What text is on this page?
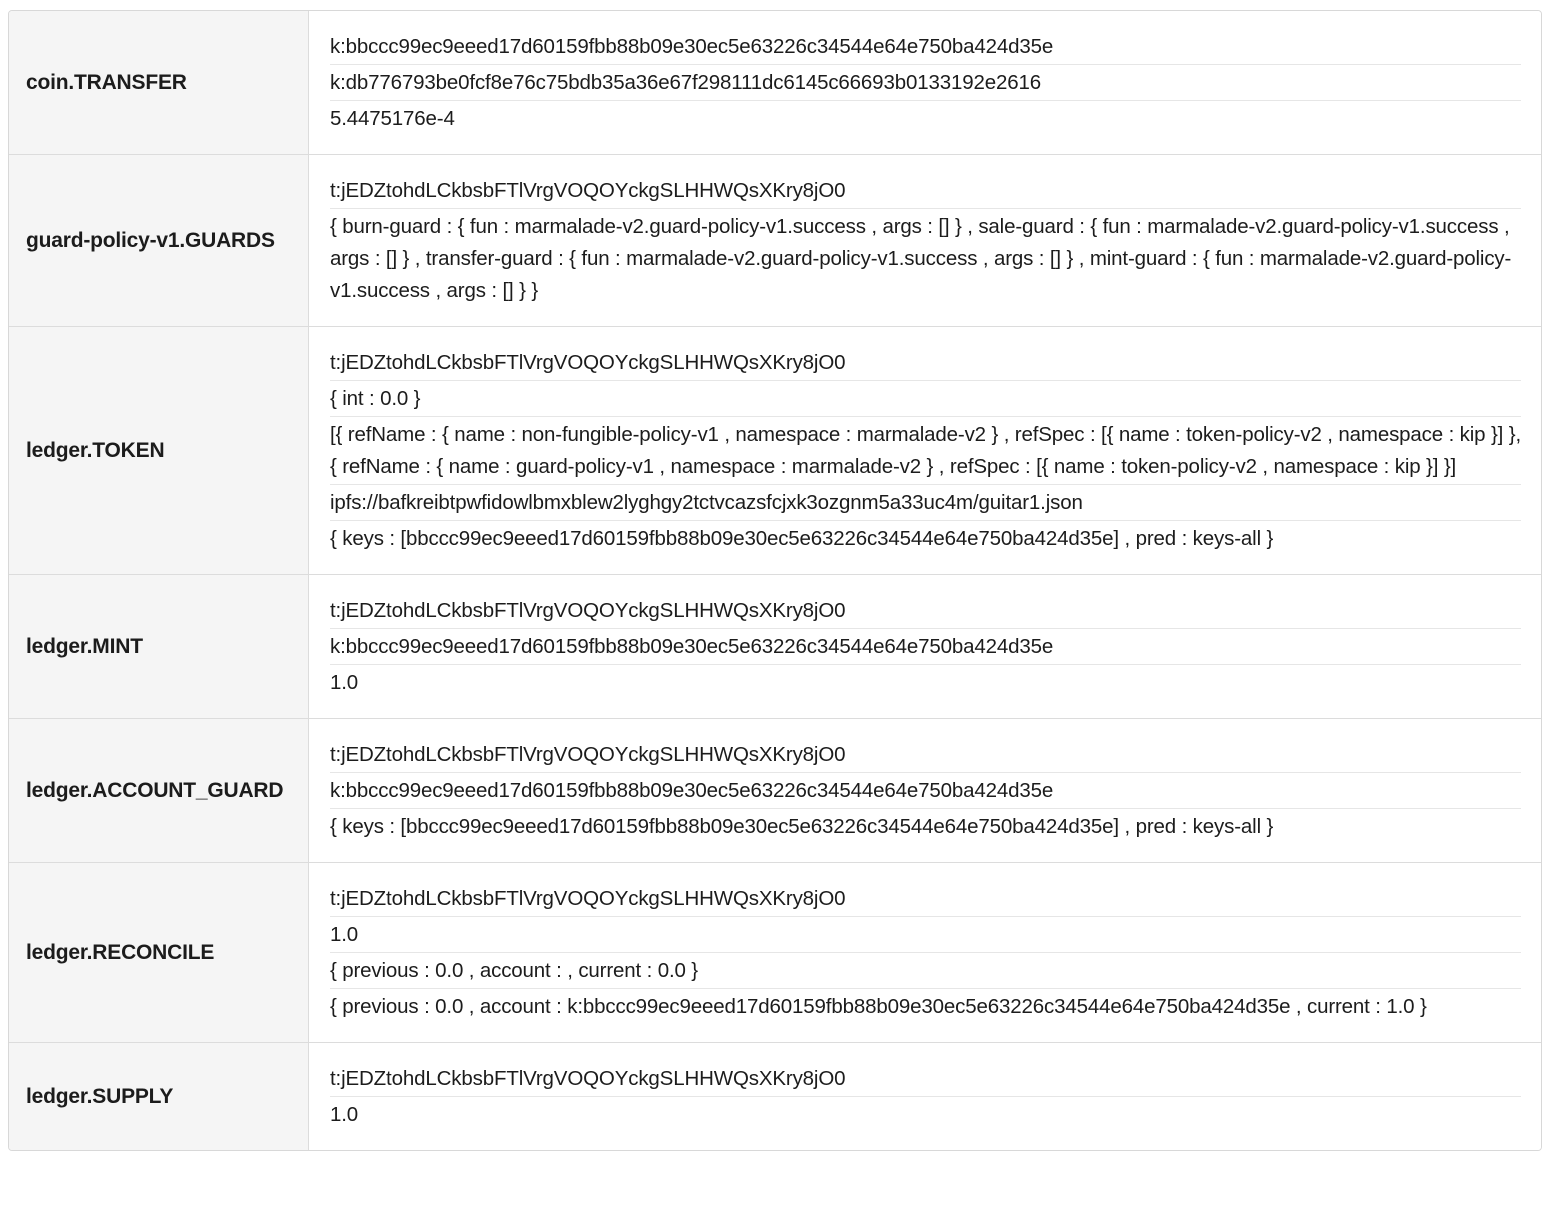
coin.TRANSFER
k:bbccc99ec9eeed17d60159fbb88b09e30ec5e63226c34544e64e750ba424d35e
k:db776793be0fcf8e76c75bdb35a36e67f298111dc6145c66693b0133192e2616
5.4475176e-4
guard-policy-v1.GUARDS
t:jEDZtohdLCkbsbFTlVrgVOQOYckgSLHHWQsXKry8jO0
{ burn-guard : { fun : marmalade-v2.guard-policy-v1.success , args : [] } , sale-guard : { fun : marmalade-v2.guard-policy-v1.success , args : [] } , transfer-guard : { fun : marmalade-v2.guard-policy-v1.success , args : [] } , mint-guard : { fun : marmalade-v2.guard-policy-v1.success , args : [] } }
ledger.TOKEN
t:jEDZtohdLCkbsbFTlVrgVOQOYckgSLHHWQsXKry8jO0
{ int : 0.0 }
[{ refName : { name : non-fungible-policy-v1 , namespace : marmalade-v2 } , refSpec : [{ name : token-policy-v2 , namespace : kip }] },{ refName : { name : guard-policy-v1 , namespace : marmalade-v2 } , refSpec : [{ name : token-policy-v2 , namespace : kip }] }]
ipfs://bafkreibtpwfidowlbmxblew2lyghgy2tctvcazsfcjxk3ozgnm5a33uc4m/guitar1.json
{ keys : [bbccc99ec9eeed17d60159fbb88b09e30ec5e63226c34544e64e750ba424d35e] , pred : keys-all }
ledger.MINT
t:jEDZtohdLCkbsbFTlVrgVOQOYckgSLHHWQsXKry8jO0
k:bbccc99ec9eeed17d60159fbb88b09e30ec5e63226c34544e64e750ba424d35e
1.0
ledger.ACCOUNT_GUARD
t:jEDZtohdLCkbsbFTlVrgVOQOYckgSLHHWQsXKry8jO0
k:bbccc99ec9eeed17d60159fbb88b09e30ec5e63226c34544e64e750ba424d35e
{ keys : [bbccc99ec9eeed17d60159fbb88b09e30ec5e63226c34544e64e750ba424d35e] , pred : keys-all }
ledger.RECONCILE
t:jEDZtohdLCkbsbFTlVrgVOQOYckgSLHHWQsXKry8jO0
1.0
{ previous : 0.0 , account : , current : 0.0 }
{ previous : 0.0 , account : k:bbccc99ec9eeed17d60159fbb88b09e30ec5e63226c34544e64e750ba424d35e , current : 1.0 }
ledger.SUPPLY
t:jEDZtohdLCkbsbFTlVrgVOQOYckgSLHHWQsXKry8jO0
1.0
